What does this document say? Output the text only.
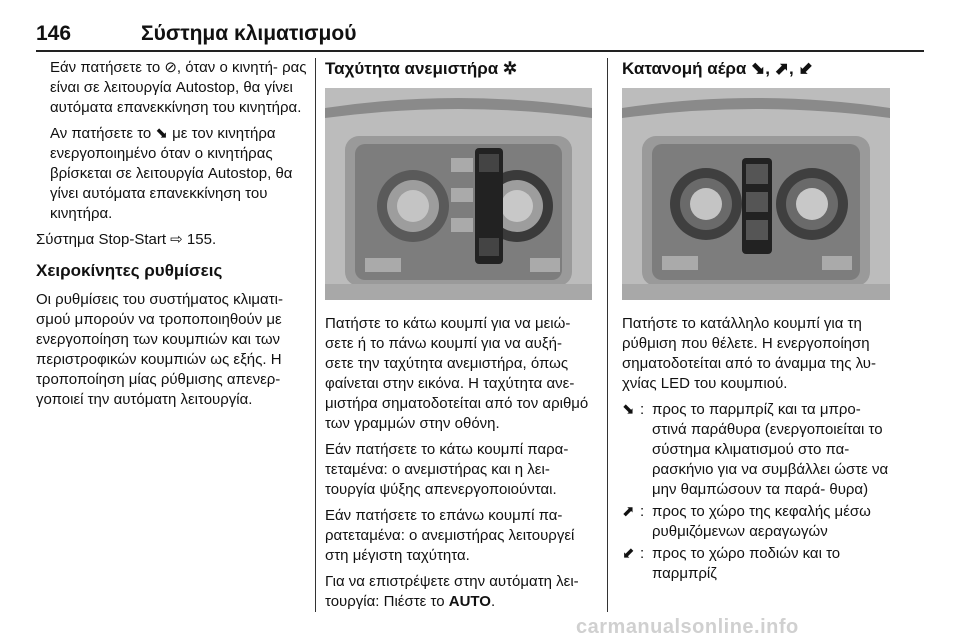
146	Σύστημα κλιματισμού

Εάν πατήσετε το ⊘, όταν ο κινητή- ρας είναι σε λειτουργία Autostop, θα γίνει αυτόματα επανεκκίνηση του κινητήρα.

Αν πατήσετε το ⬊ με τον κινητήρα ενεργοποιημένο όταν ο κινητήρας βρίσκεται σε λειτουργία Autostop, θα γίνει αυτόματα επανεκκίνηση του κινητήρα.

Σύστημα Stop-Start ⇨ 155.

Χειροκίνητες ρυθμίσεις

Οι ρυθμίσεις του συστήματος κλιματι- σμού μπορούν να τροποποιηθούν με ενεργοποίηση των κουμπιών και των περιστροφικών κουμπιών ως εξής. Η τροποποίηση μίας ρύθμισης απενερ- γοποιεί την αυτόματη λειτουργία.

Ταχύτητα ανεμιστήρα ✲

Πατήστε το κάτω κουμπί για να μειώ- σετε ή το πάνω κουμπί για να αυξή- σετε την ταχύτητα ανεμιστήρα, όπως φαίνεται στην εικόνα. Η ταχύτητα ανε- μιστήρα σηματοδοτείται από τον αριθμό των γραμμών στην οθόνη.

Εάν πατήσετε το κάτω κουμπί παρα- τεταμένα: ο ανεμιστήρας και η λει- τουργία ψύξης απενεργοποιούνται.

Εάν πατήσετε το επάνω κουμπί πα- ρατεταμένα: ο ανεμιστήρας λειτουργεί στη μέγιστη ταχύτητα.

Για να επιστρέψετε στην αυτόματη λει- τουργία: Πιέστε το AUTO.

Κατανομή αέρα ⬊, ⬈, ⬋

Πατήστε το κατάλληλο κουμπί για τη ρύθμιση που θέλετε. Η ενεργοποίηση σηματοδοτείται από το άναμμα της λυ- χνίας LED του κουμπιού.

⬊ : προς το παρμπρίζ και τα μπρο- στινά παράθυρα (ενεργοποιείται το σύστημα κλιματισμού στο πα- ρασκήνιο για να συμβάλλει ώστε να μην θαμπώσουν τα παρά- θυρα)
⬈ : προς το χώρο της κεφαλής μέσω ρυθμιζόμενων αεραγωγών
⬋ : προς το χώρο ποδιών και το παρμπρίζ
carmanualsonline.info
